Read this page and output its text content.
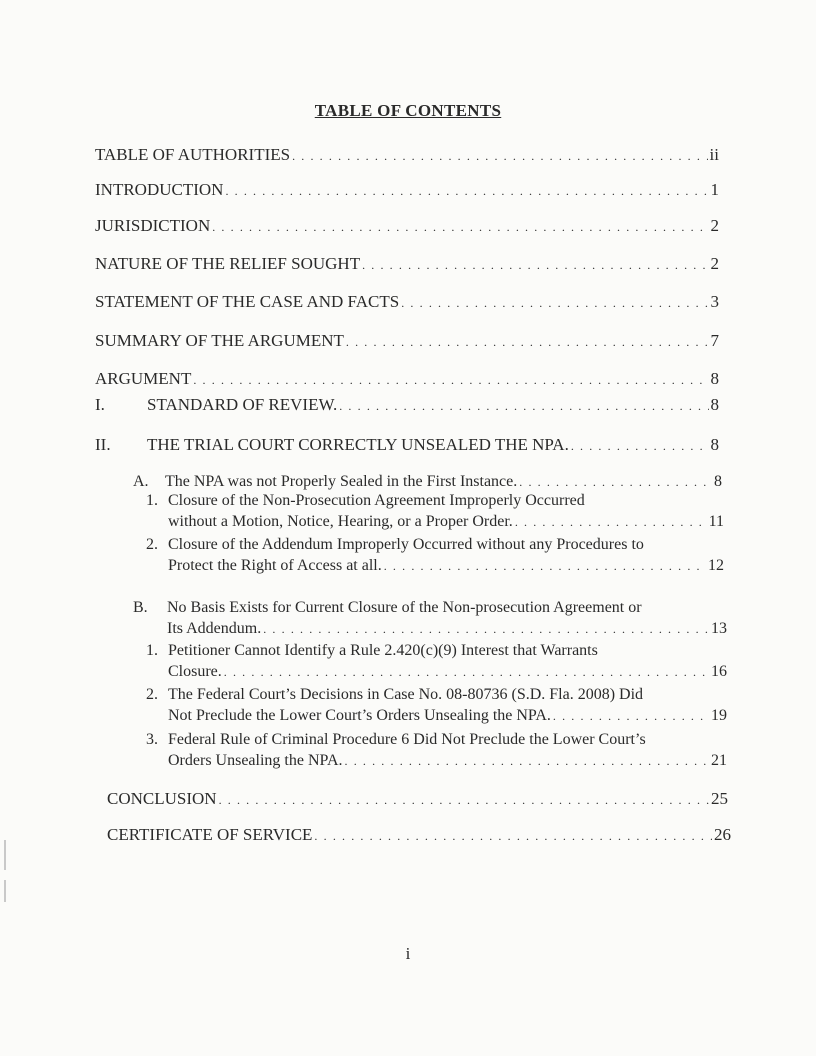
TABLE OF CONTENTS
TABLE OF AUTHORITIES . . .	ii
INTRODUCTION . . .	1
JURISDICTION . . .	2
NATURE OF THE RELIEF SOUGHT . . .	2
STATEMENT OF THE CASE AND FACTS . . .	3
SUMMARY OF THE ARGUMENT . . .	7
ARGUMENT . . .	8
I.	STANDARD OF REVIEW. . . .	8
II.	THE TRIAL COURT CORRECTLY UNSEALED THE NPA. . . .	8
A.	The NPA was not Properly Sealed in the First Instance. . . .	8
1. Closure of the Non-Prosecution Agreement Improperly Occurred
without a Motion, Notice, Hearing, or a Proper Order. . . .	11
2. Closure of the Addendum Improperly Occurred without any Procedures to
Protect the Right of Access at all. . . .	12
B. No Basis Exists for Current Closure of the Non-prosecution Agreement or
Its Addendum. . . .	13
1. Petitioner Cannot Identify a Rule 2.420(c)(9) Interest that Warrants
Closure. . . .	16
2. The Federal Court’s Decisions in Case No. 08-80736 (S.D. Fla. 2008) Did
Not Preclude the Lower Court’s Orders Unsealing the NPA. . . .	19
3. Federal Rule of Criminal Procedure 6 Did Not Preclude the Lower Court’s
Orders Unsealing the NPA. . . .	21
CONCLUSION . . .	25
CERTIFICATE OF SERVICE . . .	26
i
